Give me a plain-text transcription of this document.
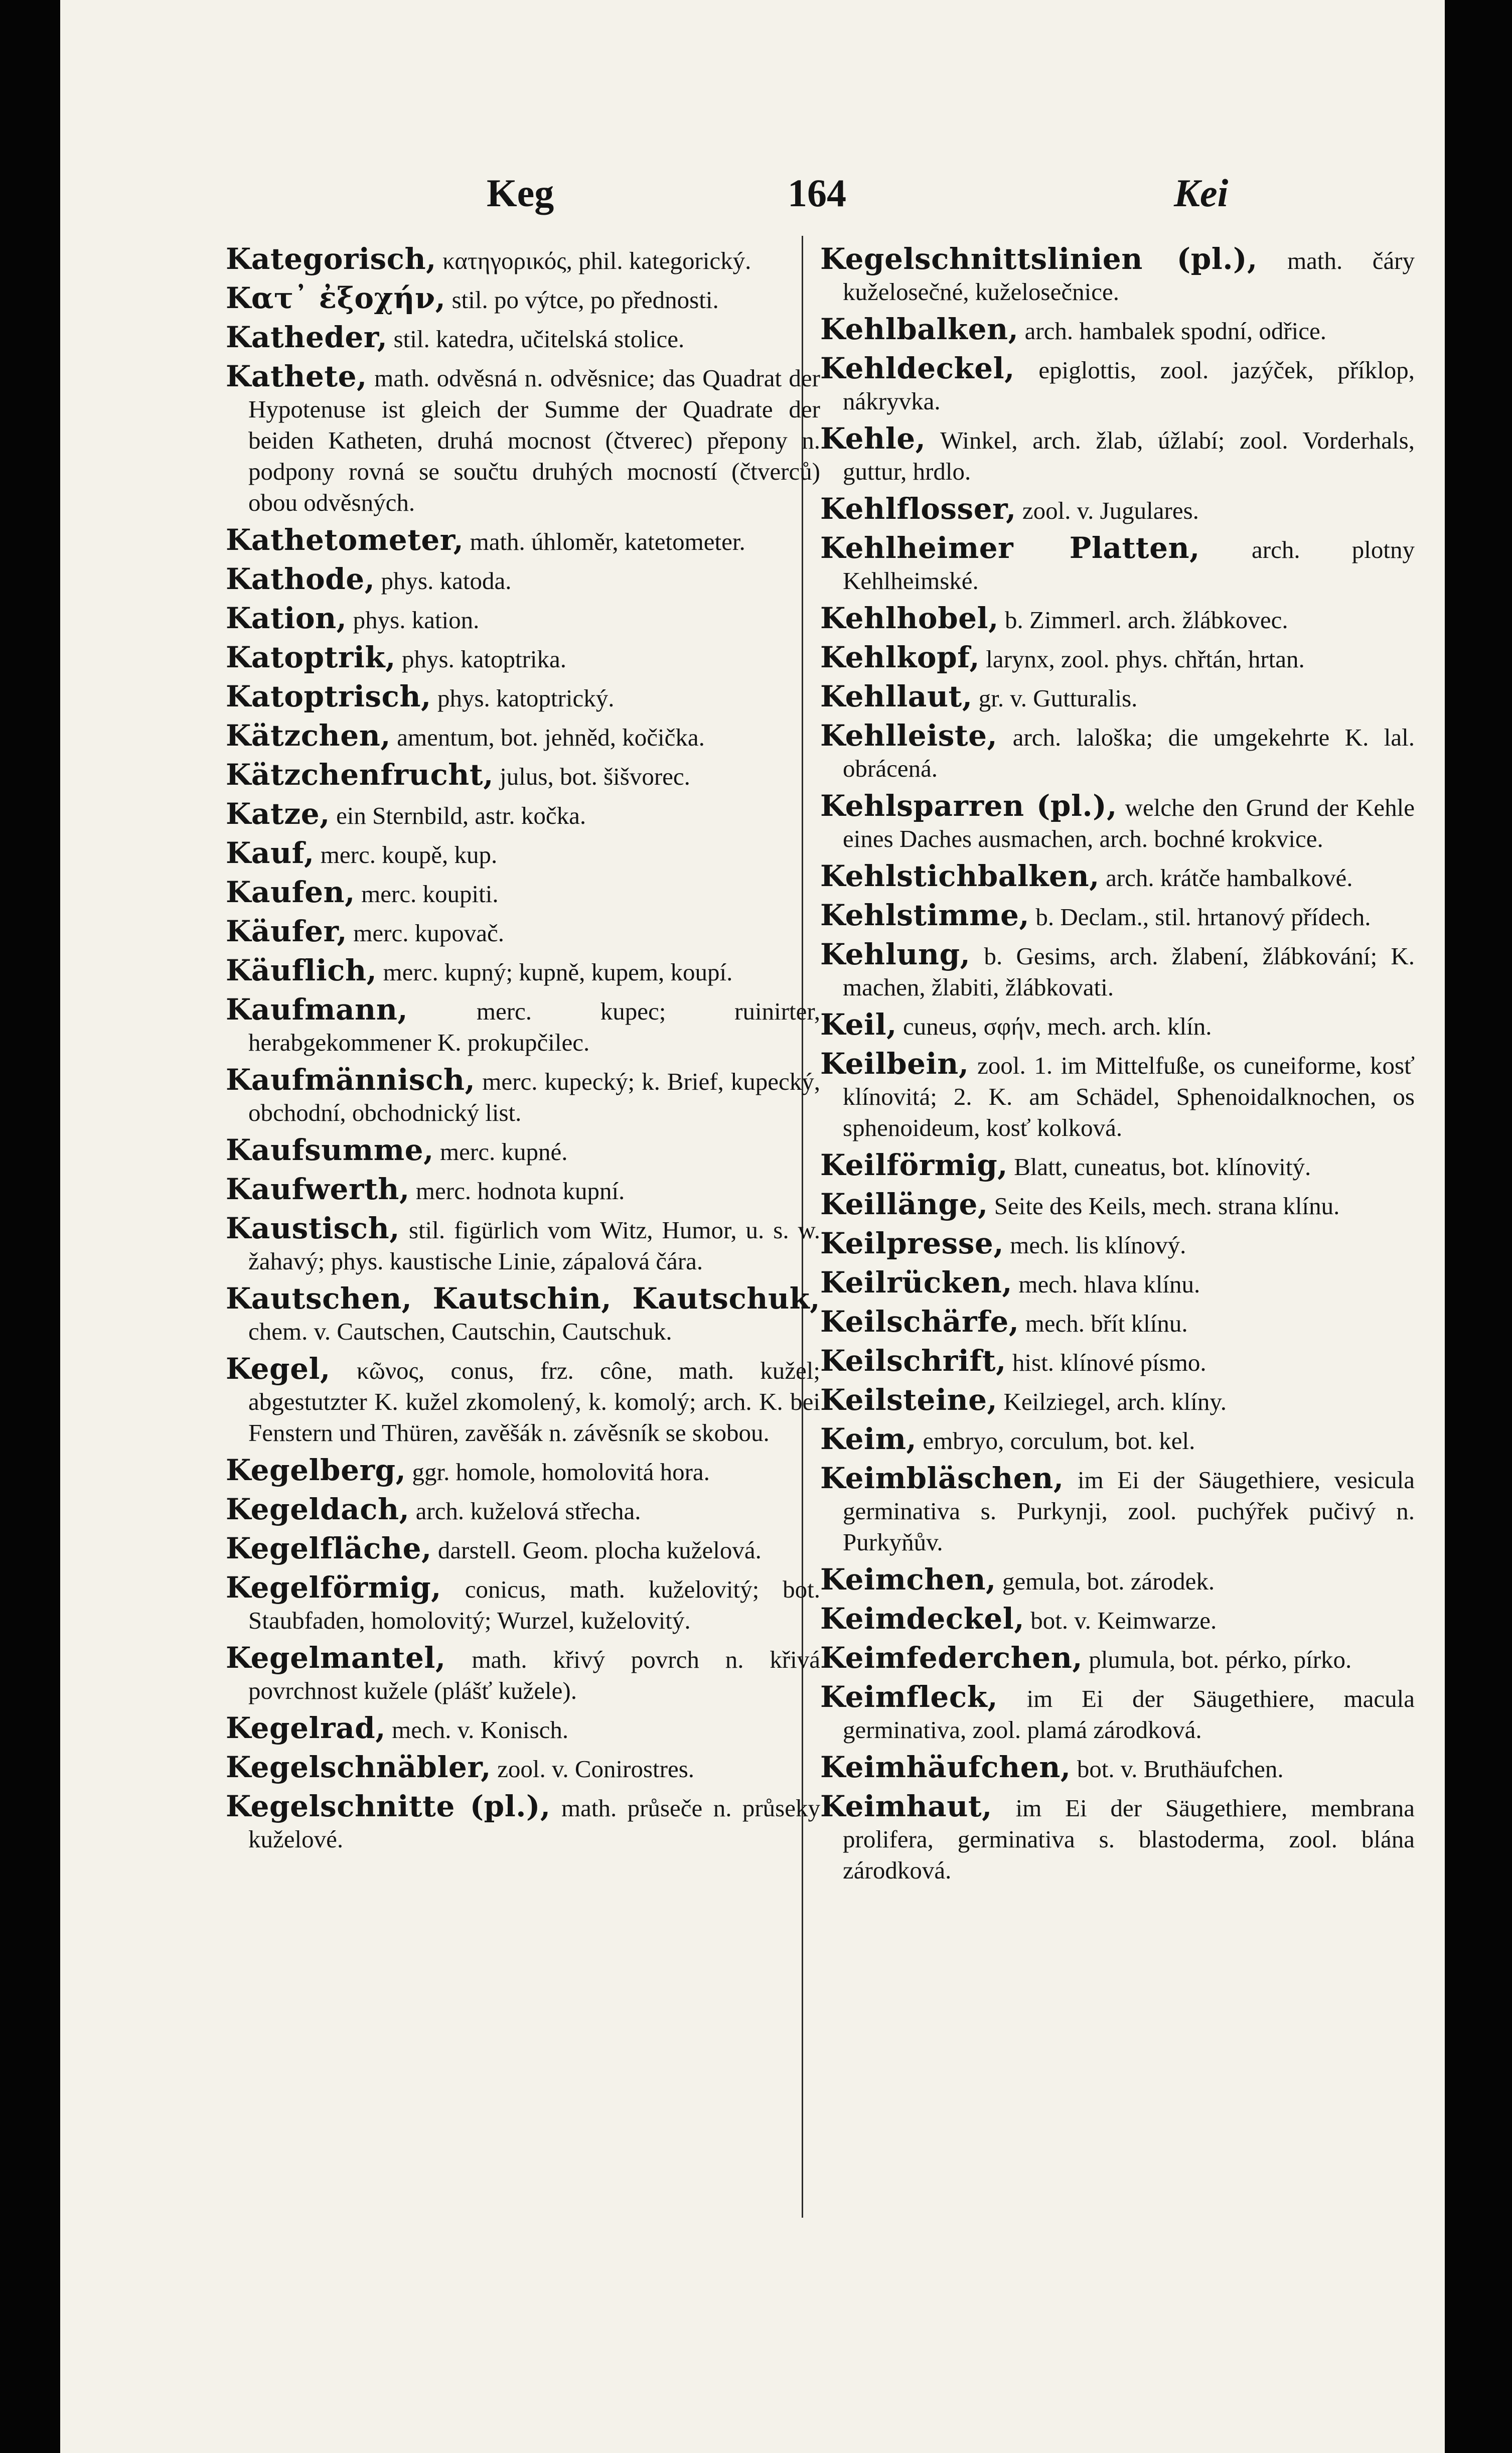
Keg	164	Kei

Kategorisch, κατηγορικός, phil. kategorický.

Κατ᾽ ἐξοχήν, stil. po výtce, po přednosti.

Katheder, stil. katedra, učitelská stolice.

Kathete, math. odvěsná n. odvěsnice; das Quadrat der Hypotenuse ist gleich der Summe der Quadrate der beiden Katheten, druhá mocnost (čtverec) přepony n. podpony rovná se součtu druhých mocností (čtverců) obou odvěsných.

Kathetometer, math. úhloměr, katetometer.

Kathode, phys. katoda.

Kation, phys. kation.

Katoptrik, phys. katoptrika.

Katoptrisch, phys. katoptrický.

Kätzchen, amentum, bot. jehněd, kočička.

Kätzchenfrucht, julus, bot. šišvorec.

Katze, ein Sternbild, astr. kočka.

Kauf, merc. koupě, kup.

Kaufen, merc. koupiti.

Käufer, merc. kupovač.

Käuflich, merc. kupný; kupně, kupem, koupí.

Kaufmann,	merc. kupec; ruinirter, herabgekommener K. prokupčilec.

Kaufmännisch, merc. kupecký; k. Brief, kupecký, obchodní, obchodnický list.

Kaufsumme, merc. kupné.

Kaufwerth, merc. hodnota kupní.

Kaustisch, stil. figürlich vom Witz, Humor, u. s. w. žahavý; phys. kaustische Linie, zápalová čára.

Kautschen, Kautschin, Kautschuk, chem. v. Cautschen, Cautschin, Cautschuk.

Kegel, κῶνος, conus, frz. cône, math. kužel; abgestutzter K. kužel zkomolený, k. komolý; arch. K. bei Fenstern und Thüren, zavěšák n. závěsník se skobou.

Kegelberg, ggr. homole, homolovitá hora.

Kegeldach, arch. kuželová střecha.

Kegelfläche, darstell. Geom. plocha kuželová.

Kegelförmig, conicus, math. kuželovitý; bot. Staubfaden, homolovitý; Wurzel, kuželovitý.

Kegelmantel, math. křivý povrch n. křivá povrchnost kužele (plášť kužele).

Kegelrad, mech. v. Konisch.

Kegelschnäbler, zool. v. Conirostres.

Kegelschnitte (pl.), math. průseče n. průseky kuželové.

Kegelschnittslinien (pl.), math. čáry kuželosečné, kuželosečnice.

Kehlbalken, arch. hambalek spodní, odřice.

Kehldeckel, epiglottis, zool. jazýček, příklop, nákryvka.

Kehle, Winkel, arch. žlab, úžlabí; zool. Vorderhals, guttur, hrdlo.

Kehlflosser, zool. v. Jugulares.

Kehlheimer Platten, arch. plotny Kehlheimské.

Kehlhobel, b. Zimmerl. arch. žlábkovec.

Kehlkopf, larynx, zool. phys. chřtán, hrtan.

Kehllaut, gr. v. Gutturalis.

Kehlleiste, arch. laloška; die umgekehrte K. lal. obrácená.

Kehlsparren (pl.), welche den Grund der Kehle eines Daches ausmachen, arch. bochné krokvice.

Kehlstichbalken, arch. krátče hambalkové.

Kehlstimme, b. Declam., stil. hrtanový přídech.

Kehlung, b. Gesims, arch. žlabení, žlábkování; K. machen, žlabiti, žlábkovati.

Keil, cuneus, σφήν, mech. arch. klín.

Keilbein, zool. 1. im Mittelfuße, os cuneiforme, kosť klínovitá; 2. K. am Schädel, Sphenoidalknochen, os sphenoideum, kosť kolková.

Keilförmig, Blatt, cuneatus, bot. klínovitý.

Keillänge, Seite des Keils, mech. strana klínu.

Keilpresse, mech. lis klínový.

Keilrücken, mech. hlava klínu.

Keilschärfe, mech. břít klínu.

Keilschrift, hist. klínové písmo.

Keilsteine, Keilziegel, arch. klíny.

Keim, embryo, corculum, bot. kel.

Keimbläschen, im Ei der Säugethiere, vesicula germinativa s. Purkynji, zool. puchýřek pučivý n. Purkyňův.

Keimchen, gemula, bot. zárodek.

Keimdeckel, bot. v. Keimwarze.

Keimfederchen, plumula, bot. pérko, pírko.

Keimfleck, im Ei der Säugethiere, macula germinativa, zool. plamá zárodková.

Keimhäufchen, bot. v. Bruthäufchen.

Keimhaut, im Ei der Säugethiere, membrana prolifera, germinativa s. blastoderma, zool. blána zárodková.
